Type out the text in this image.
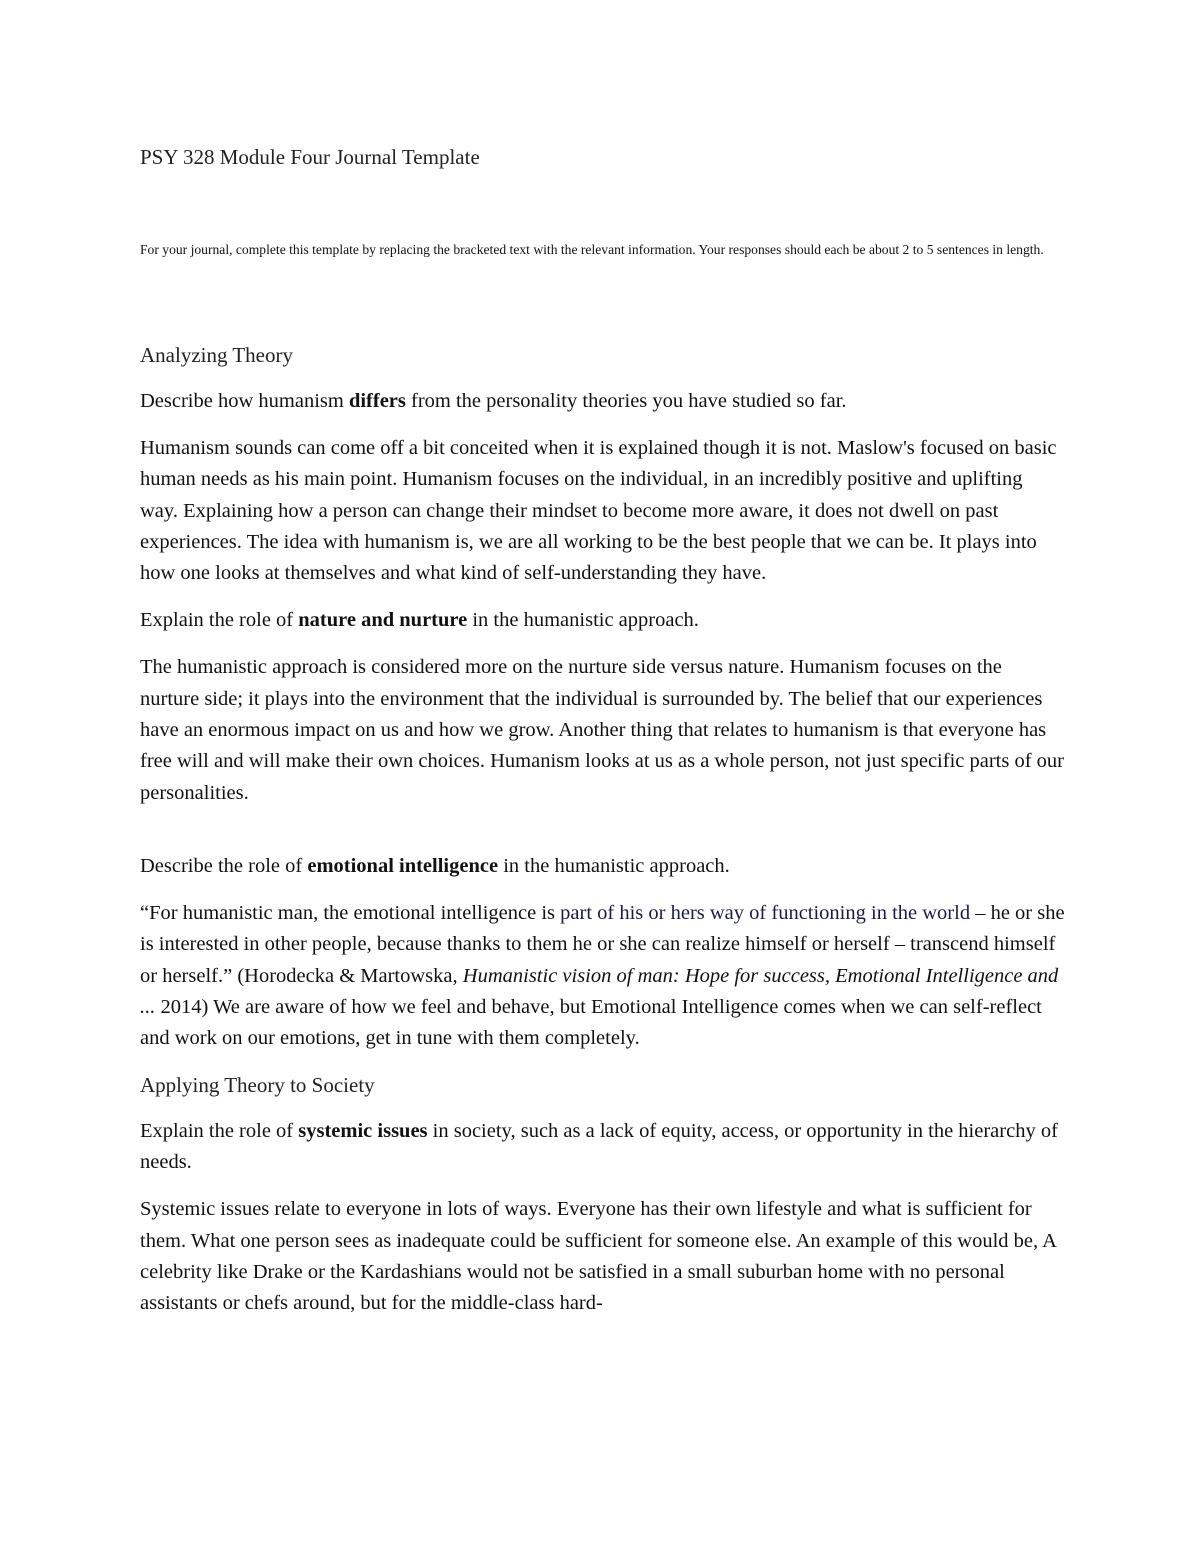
PSY 328 Module Four Journal Template

For your journal, complete this template by replacing the bracketed text with the relevant information. Your responses should each be about 2 to 5 sentences in length.

Analyzing Theory

Describe how humanism differs from the personality theories you have studied so far.

Humanism sounds can come off a bit conceited when it is explained though it is not. Maslow's focused on basic human needs as his main point. Humanism focuses on the individual, in an incredibly positive and uplifting way. Explaining how a person can change their mindset to become more aware, it does not dwell on past experiences. The idea with humanism is, we are all working to be the best people that we can be. It plays into how one looks at themselves and what kind of self-understanding they have.

Explain the role of nature and nurture in the humanistic approach.

The humanistic approach is considered more on the nurture side versus nature. Humanism focuses on the nurture side; it plays into the environment that the individual is surrounded by. The belief that our experiences have an enormous impact on us and how we grow. Another thing that relates to humanism is that everyone has free will and will make their own choices. Humanism looks at us as a whole person, not just specific parts of our personalities.

Describe the role of emotional intelligence in the humanistic approach.

“For humanistic man, the emotional intelligence is part of his or hers way of functioning in the world – he or she is interested in other people, because thanks to them he or she can realize himself or herself – transcend himself or herself.” (Horodecka & Martowska, Humanistic vision of man: Hope for success, Emotional Intelligence and ... 2014) We are aware of how we feel and behave, but Emotional Intelligence comes when we can self-reflect and work on our emotions, get in tune with them completely.

Applying Theory to Society

Explain the role of systemic issues in society, such as a lack of equity, access, or opportunity in the hierarchy of needs.

Systemic issues relate to everyone in lots of ways. Everyone has their own lifestyle and what is sufficient for them. What one person sees as inadequate could be sufficient for someone else. An example of this would be, A celebrity like Drake or the Kardashians would not be satisfied in a small suburban home with no personal assistants or chefs around, but for the middle-class hard-
